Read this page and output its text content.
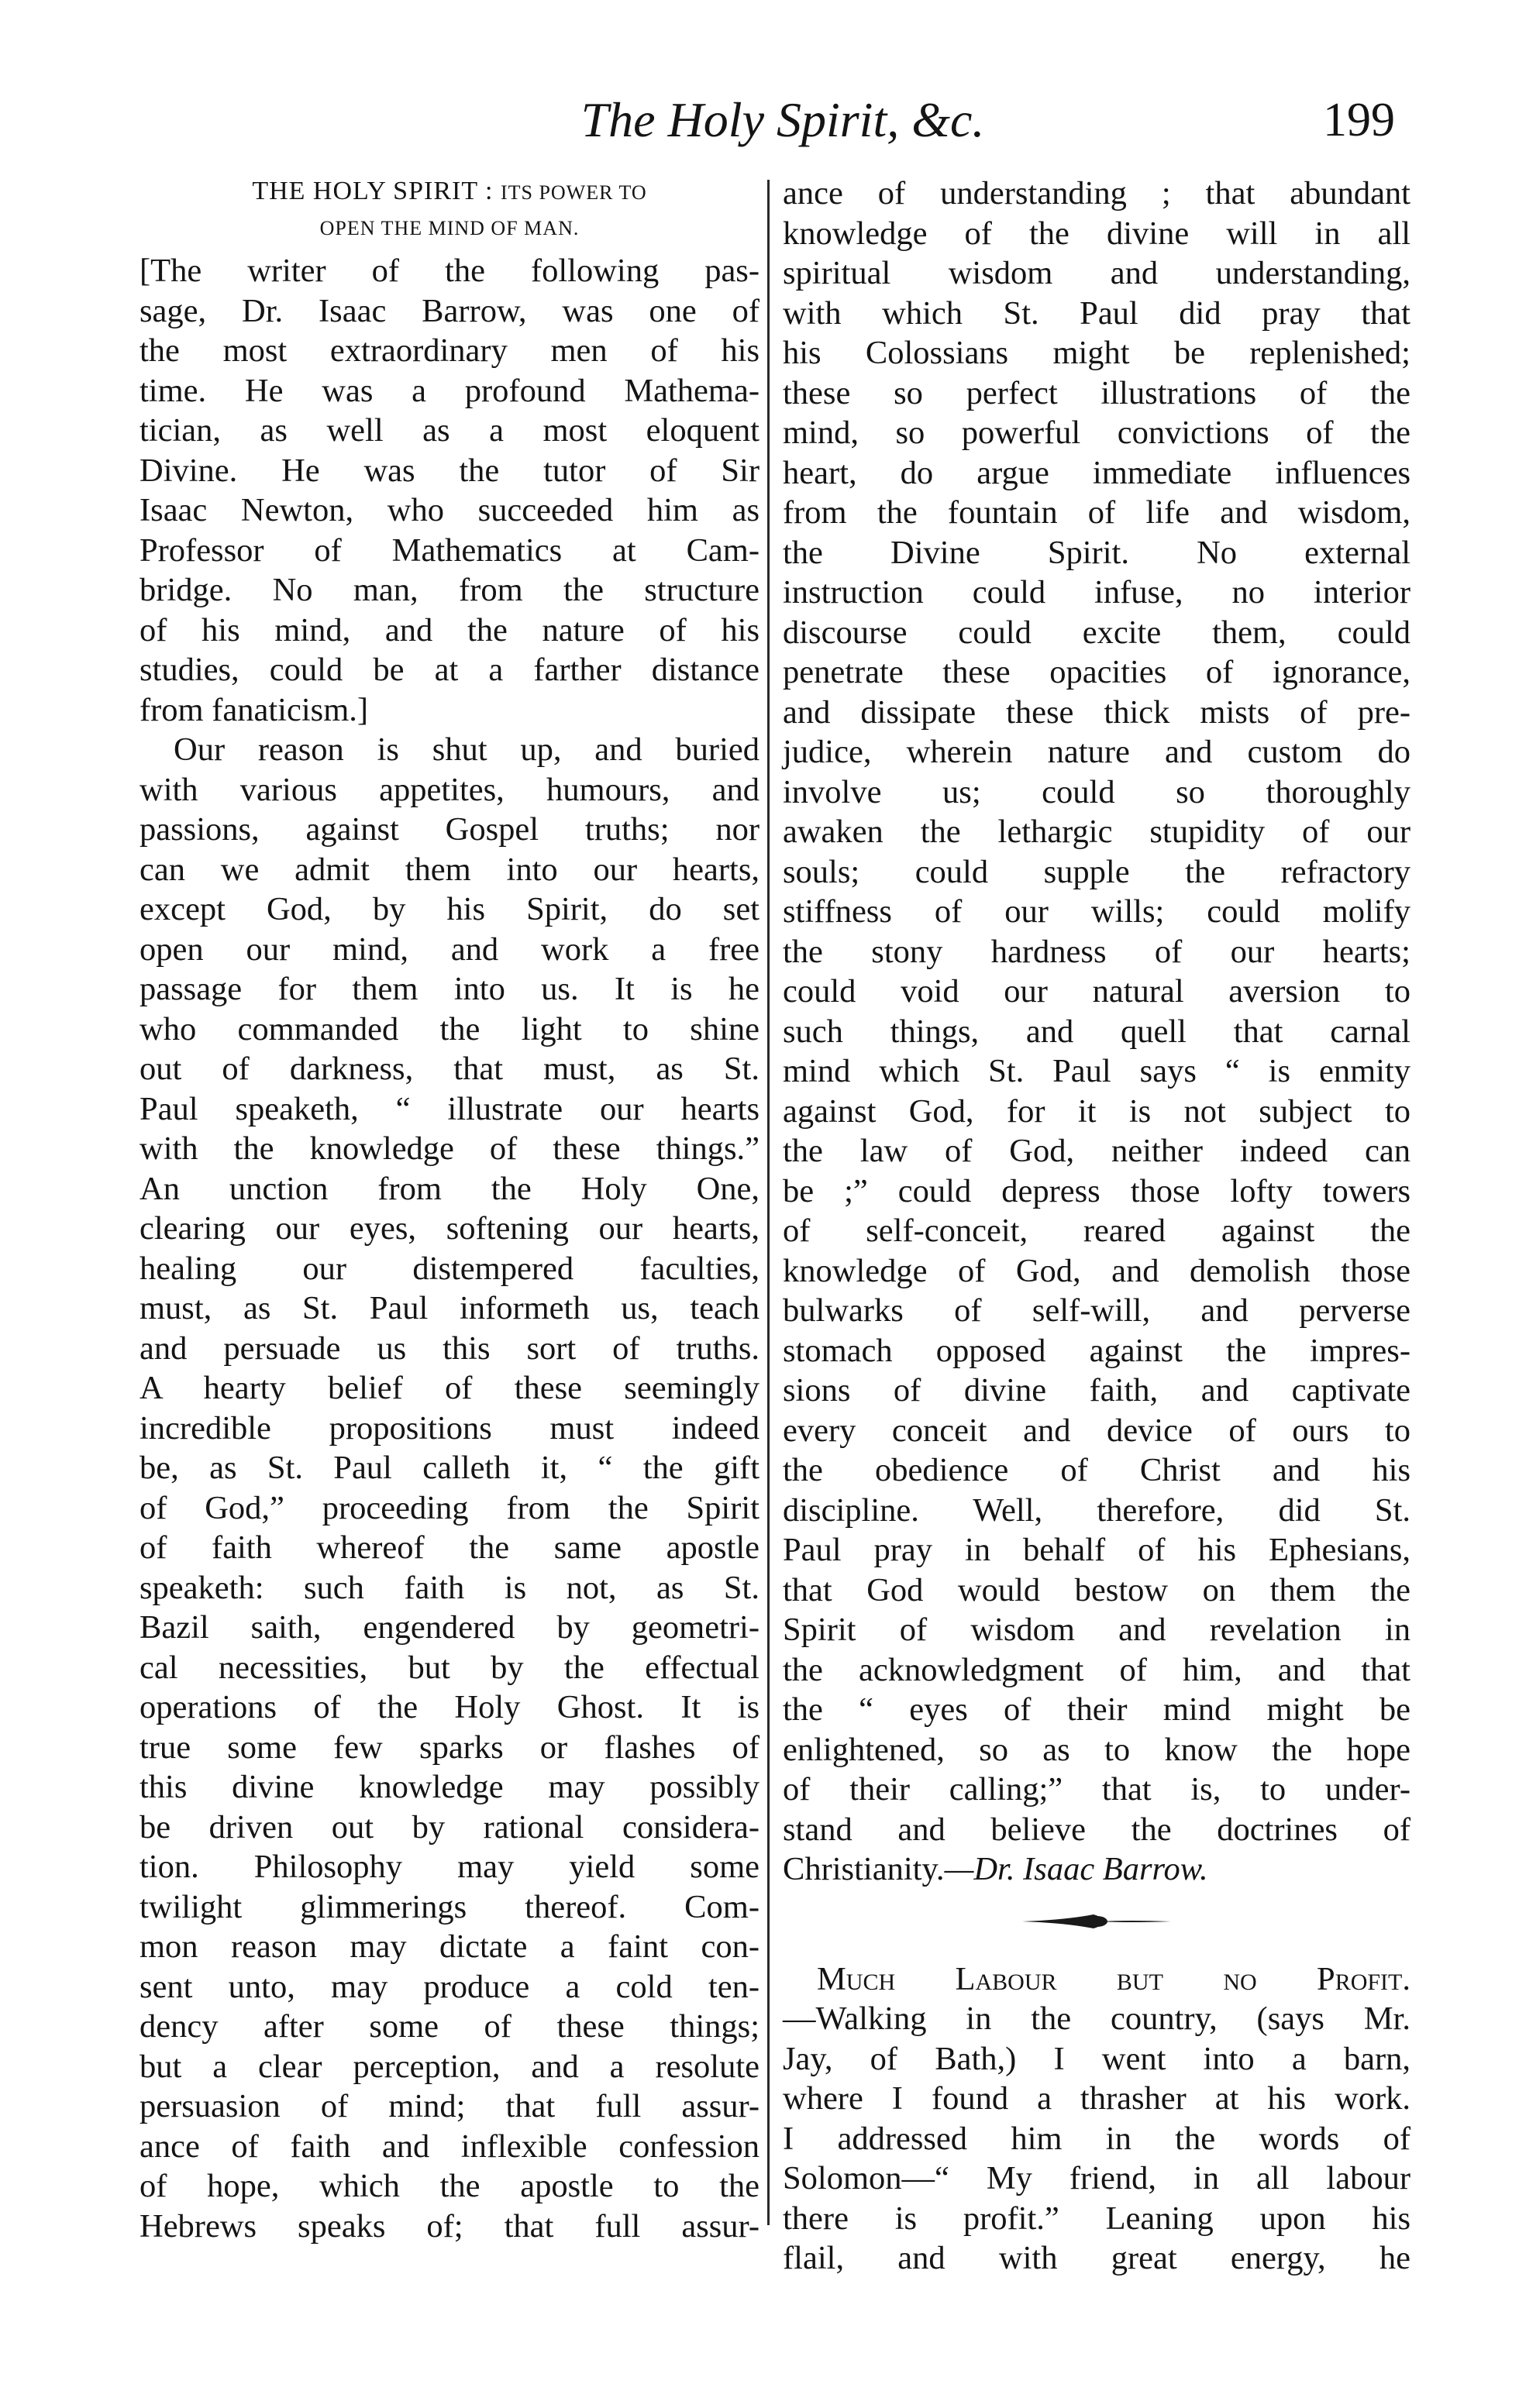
The Holy Spirit, &c.	199
THE HOLY SPIRIT : ITS POWER TO
OPEN THE MIND OF MAN.
[The writer of the following pas-
sage, Dr. Isaac Barrow, was one of
the most extraordinary men of his
time. He was a profound Mathema-
tician, as well as a most eloquent
Divine. He was the tutor of Sir
Isaac Newton, who succeeded him as
Professor of Mathematics at Cam-
bridge. No man, from the structure
of his mind, and the nature of his
studies, could be at a farther distance
from fanaticism.]
Our reason is shut up, and buried
with various appetites, humours, and
passions, against Gospel truths; nor
can we admit them into our hearts,
except God, by his Spirit, do set
open our mind, and work a free
passage for them into us. It is he
who commanded the light to shine
out of darkness, that must, as St.
Paul speaketh, “ illustrate our hearts
with the knowledge of these things.”
An unction from the Holy One,
clearing our eyes, softening our hearts,
healing our distempered faculties,
must, as St. Paul informeth us, teach
and persuade us this sort of truths.
A hearty belief of these seemingly
incredible propositions must indeed
be, as St. Paul calleth it, “ the gift
of God,” proceeding from the Spirit
of faith whereof the same apostle
speaketh: such faith is not, as St.
Bazil saith, engendered by geometri-
cal necessities, but by the effectual
operations of the Holy Ghost. It is
true some few sparks or flashes of
this divine knowledge may possibly
be driven out by rational considera-
tion. Philosophy may yield some
twilight glimmerings thereof. Com-
mon reason may dictate a faint con-
sent unto, may produce a cold ten-
dency after some of these things;
but a clear perception, and a resolute
persuasion of mind; that full assur-
ance of faith and inflexible confession
of hope, which the apostle to the
Hebrews speaks of; that full assur-
ance of understanding ; that abundant
knowledge of the divine will in all
spiritual wisdom and understanding,
with which St. Paul did pray that
his Colossians might be replenished;
these so perfect illustrations of the
mind, so powerful convictions of the
heart, do argue immediate influences
from the fountain of life and wisdom,
the Divine Spirit. No external
instruction could infuse, no interior
discourse could excite them, could
penetrate these opacities of ignorance,
and dissipate these thick mists of pre-
judice, wherein nature and custom do
involve us; could so thoroughly
awaken the lethargic stupidity of our
souls; could supple the refractory
stiffness of our wills; could molify
the stony hardness of our hearts;
could void our natural aversion to
such things, and quell that carnal
mind which St. Paul says “ is enmity
against God, for it is not subject to
the law of God, neither indeed can
be ;” could depress those lofty towers
of self-conceit, reared against the
knowledge of God, and demolish those
bulwarks of self-will, and perverse
stomach opposed against the impres-
sions of divine faith, and captivate
every conceit and device of ours to
the obedience of Christ and his
discipline. Well, therefore, did St.
Paul pray in behalf of his Ephesians,
that God would bestow on them the
Spirit of wisdom and revelation in
the acknowledgment of him, and that
the “ eyes of their mind might be
enlightened, so as to know the hope
of their calling;” that is, to under-
stand and believe the doctrines of
Christianity.—Dr. Isaac Barrow.
Much Labour but no Profit.
—Walking in the country, (says Mr.
Jay, of Bath,) I went into a barn,
where I found a thrasher at his work.
I addressed him in the words of
Solomon—“ My friend, in all labour
there is profit.” Leaning upon his
flail, and with great energy, he
